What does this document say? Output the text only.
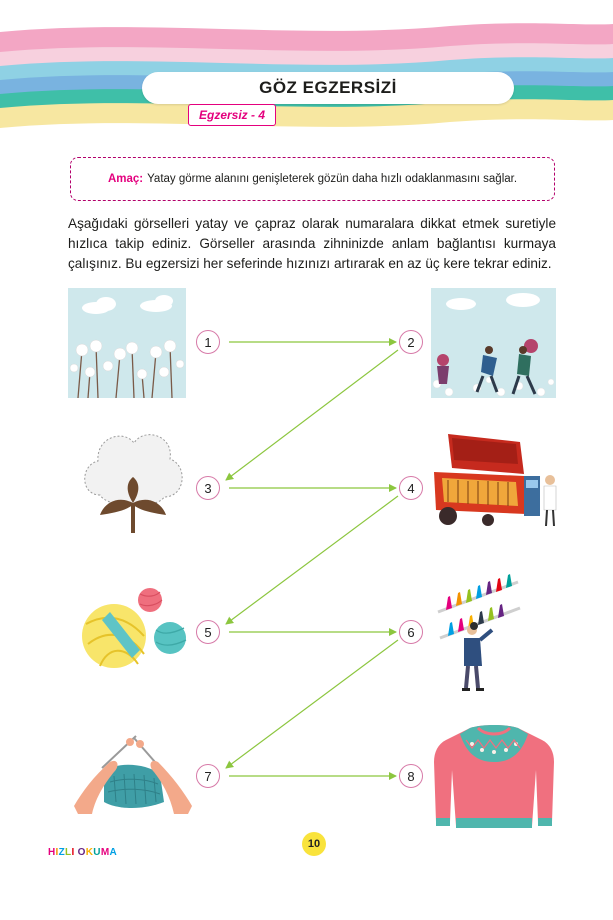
GÖZ EGZERSİZİ
Egzersiz - 4
Amaç: Yatay görme alanını genişleterek gözün daha hızlı odaklanmasını sağlar.
Aşağıdaki görselleri yatay ve çapraz olarak numaralara dikkat etmek suretiyle hızlıca takip ediniz. Görseller arasında zihninizde anlam bağlantısı kurmaya çalışınız. Bu egzersizi her seferinde hızınızı artırarak en az üç kere tekrar ediniz.
1	2
3	4
5	6
7	8
HIZLI OKUMA
10
